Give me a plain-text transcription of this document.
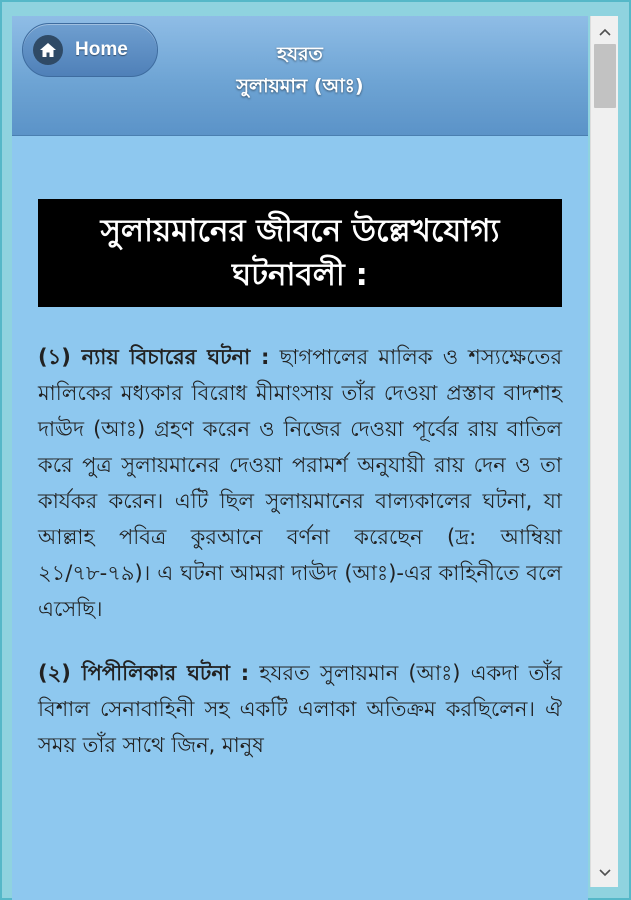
Home	হযরত
সুলায়মান (আঃ)
সুলায়মানের জীবনে উল্লেখযোগ্য ঘটনাবলী :

(১) ন্যায় বিচারের ঘটনা : ছাগপালের মালিক ও শস্যক্ষেতের মালিকের মধ্যকার বিরোধ মীমাংসায় তাঁর দেওয়া প্রস্তাব বাদশাহ দাঊদ (আঃ) গ্রহণ করেন ও নিজের দেওয়া পূর্বের রায় বাতিল করে পুত্র সুলায়মানের দেওয়া পরামর্শ অনুযায়ী রায় দেন ও তা কার্যকর করেন। এটি ছিল সুলায়মানের বাল্যকালের ঘটনা, যা আল্লাহ পবিত্র কুরআনে বর্ণনা করেছেন (দ্র: আম্বিয়া ২১/৭৮-৭৯)। এ ঘটনা আমরা দাঊদ (আঃ)-এর কাহিনীতে বলে এসেছি।

(২) পিপীলিকার ঘটনা : হযরত সুলায়মান (আঃ) একদা তাঁর বিশাল সেনাবাহিনী সহ একটি এলাকা অতিক্রম করছিলেন। ঐ সময় তাঁর সাথে জিন, মানুষ
